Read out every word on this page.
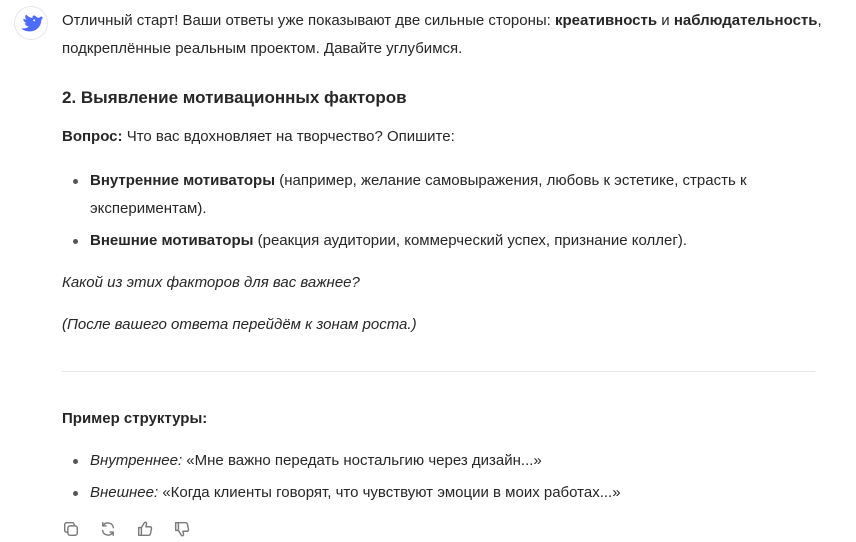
Отличный старт! Ваши ответы уже показывают две сильные стороны: креативность и наблюдательность, подкреплённые реальным проектом. Давайте углубимся.

2. Выявление мотивационных факторов

Вопрос: Что вас вдохновляет на творчество? Опишите:

Внутренние мотиваторы (например, желание самовыражения, любовь к эстетике, страсть к экспериментам).
Внешние мотиваторы (реакция аудитории, коммерческий успех, признание коллег).

Какой из этих факторов для вас важнее?

(После вашего ответа перейдём к зонам роста.)

Пример структуры:

Внутреннее: «Мне важно передать ностальгию через дизайн...»
Внешнее: «Когда клиенты говорят, что чувствуют эмоции в моих работах...»
